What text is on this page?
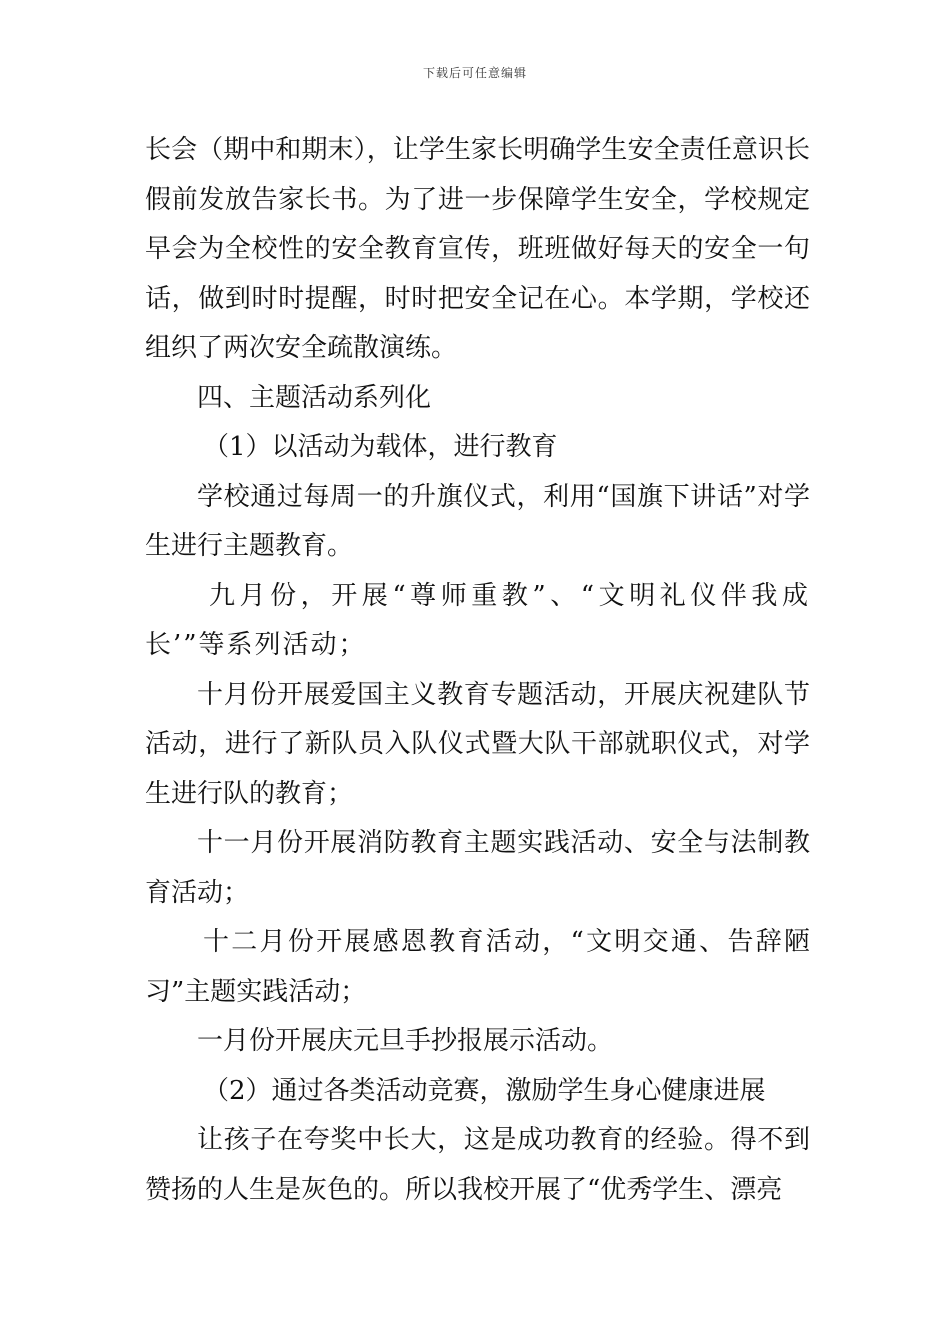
下载后可任意编辑

长会（期中和期末），让学生家长明确学生安全责任意识长假前发放告家长书。为了进一步保障学生安全，学校规定早会为全校性的安全教育宣传，班班做好每天的安全一句话，做到时时提醒，时时把安全记在心。本学期，学校还组织了两次安全疏散演练。

四、主题活动系列化

（1）以活动为载体，进行教育

学校通过每周一的升旗仪式，利用“国旗下讲话”对学生进行主题教育。

九月份，开展“尊师重教”、“文明礼仪伴我成长’”等系列活动；

十月份开展爱国主义教育专题活动，开展庆祝建队节活动，进行了新队员入队仪式暨大队干部就职仪式，对学生进行队的教育；

十一月份开展消防教育主题实践活动、安全与法制教育活动；

十二月份开展感恩教育活动，“文明交通、告辞陋习”主题实践活动；

一月份开展庆元旦手抄报展示活动。

（2）通过各类活动竞赛，激励学生身心健康进展

让孩子在夸奖中长大，这是成功教育的经验。得不到赞扬的人生是灰色的。所以我校开展了“优秀学生、漂亮
